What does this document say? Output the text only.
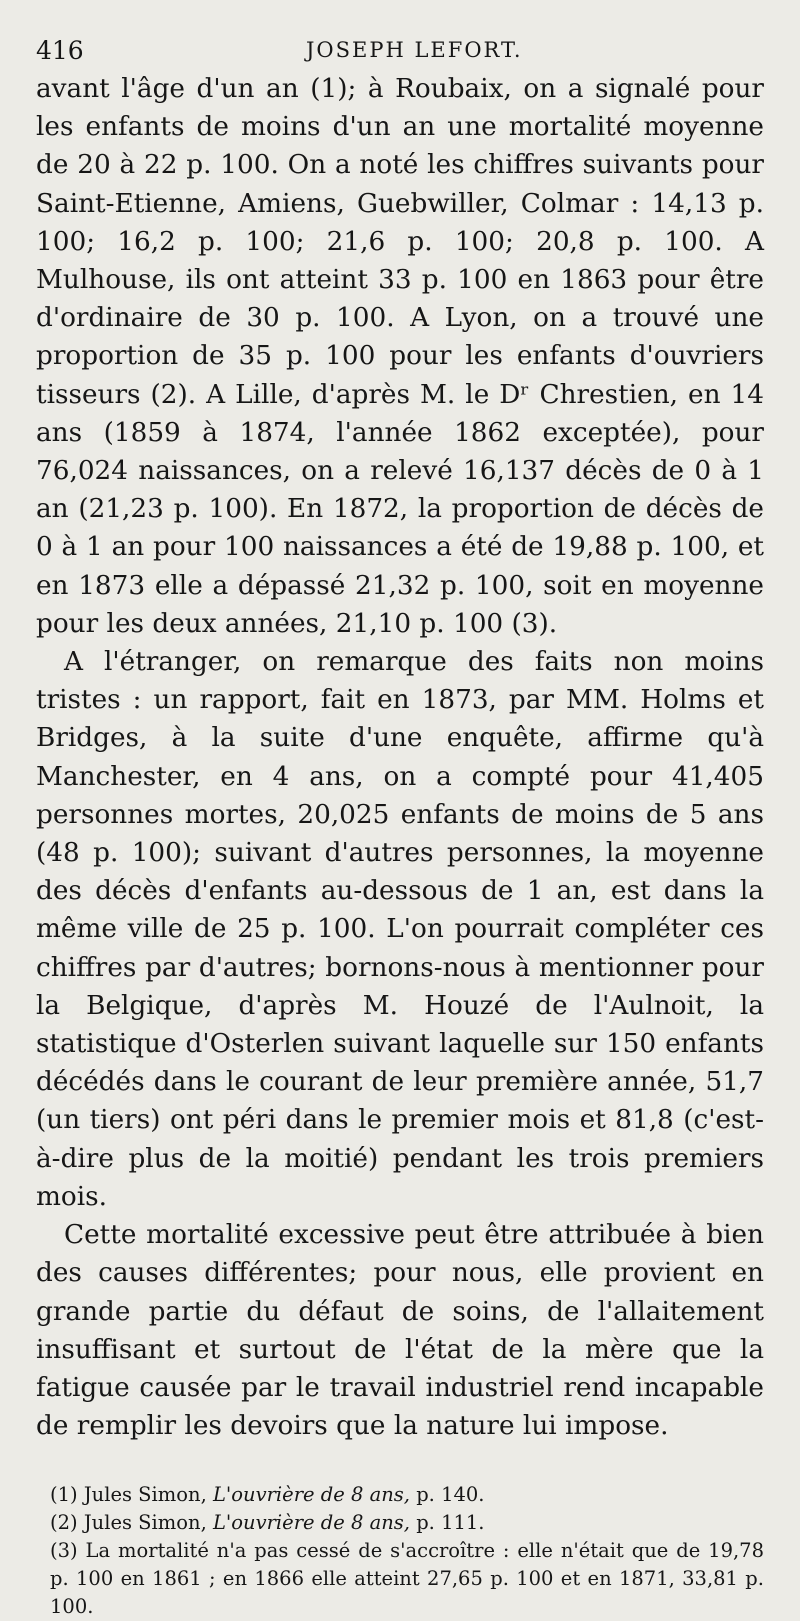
416	JOSEPH LEFORT.

avant l'âge d'un an (1); à Roubaix, on a signalé pour les enfants de moins d'un an une mortalité moyenne de 20 à 22 p. 100. On a noté les chiffres suivants pour Saint-Etienne, Amiens, Guebwiller, Colmar : 14,13 p. 100; 16,2 p. 100; 21,6 p. 100; 20,8 p. 100. A Mulhouse, ils ont atteint 33 p. 100 en 1863 pour être d'ordinaire de 30 p. 100. A Lyon, on a trouvé une proportion de 35 p. 100 pour les enfants d'ouvriers tisseurs (2). A Lille, d'après M. le Dʳ Chrestien, en 14 ans (1859 à 1874, l'année 1862 exceptée), pour 76,024 naissances, on a relevé 16,137 décès de 0 à 1 an (21,23 p. 100). En 1872, la proportion de décès de 0 à 1 an pour 100 naissances a été de 19,88 p. 100, et en 1873 elle a dépassé 21,32 p. 100, soit en moyenne pour les deux années, 21,10 p. 100 (3).

A l'étranger, on remarque des faits non moins tristes : un rapport, fait en 1873, par MM. Holms et Bridges, à la suite d'une enquête, affirme qu'à Manchester, en 4 ans, on a compté pour 41,405 personnes mortes, 20,025 enfants de moins de 5 ans (48 p. 100); suivant d'autres personnes, la moyenne des décès d'enfants au-dessous de 1 an, est dans la même ville de 25 p. 100. L'on pourrait compléter ces chiffres par d'autres; bornons-nous à mentionner pour la Belgique, d'après M. Houzé de l'Aulnoit, la statistique d'Osterlen suivant laquelle sur 150 enfants décédés dans le courant de leur première année, 51,7 (un tiers) ont péri dans le premier mois et 81,8 (c'est-à-dire plus de la moitié) pendant les trois premiers mois.

Cette mortalité excessive peut être attribuée à bien des causes différentes; pour nous, elle provient en grande partie du défaut de soins, de l'allaitement insuffisant et surtout de l'état de la mère que la fatigue causée par le travail industriel rend incapable de remplir les devoirs que la nature lui impose.

(1) Jules Simon, L'ouvrière de 8 ans, p. 140.
(2) Jules Simon, L'ouvrière de 8 ans, p. 111.
(3) La mortalité n'a pas cessé de s'accroître : elle n'était que de 19,78 p. 100 en 1861 ; en 1866 elle atteint 27,65 p. 100 et en 1871, 33,81 p. 100.
